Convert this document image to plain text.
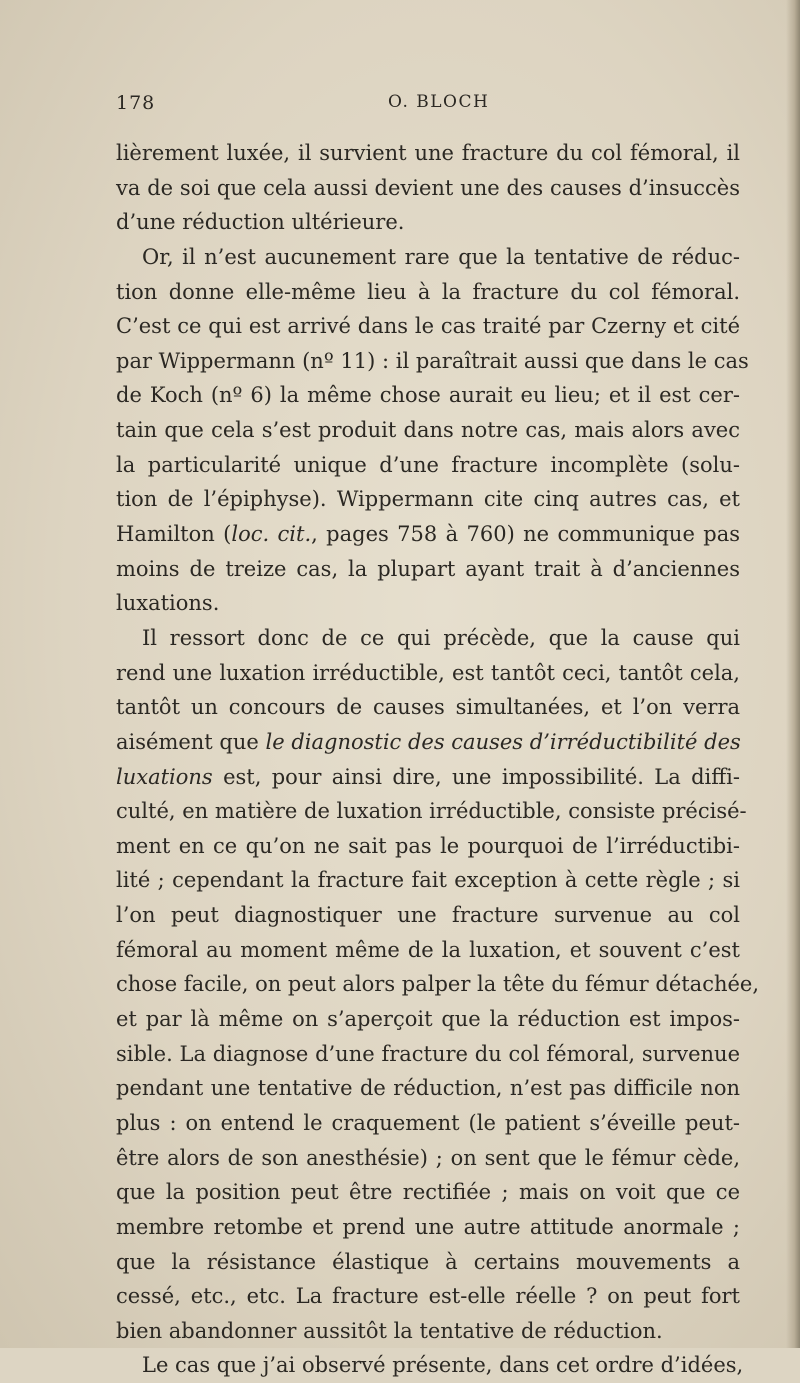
178	O. BLOCH
lièrement luxée, il survient une fracture du col fémoral, il
va de soi que cela aussi devient une des causes d’insuccès
d’une réduction ultérieure.
Or, il n’est aucunement rare que la tentative de réduc-
tion donne elle-même lieu à la fracture du col fémoral.
C’est ce qui est arrivé dans le cas traité par Czerny et cité
par Wippermann (nº 11) : il paraîtrait aussi que dans le cas
de Koch (nº 6) la même chose aurait eu lieu; et il est cer-
tain que cela s’est produit dans notre cas, mais alors avec
la particularité unique d’une fracture incomplète (solu-
tion de l’épiphyse). Wippermann cite cinq autres cas, et
Hamilton (loc. cit., pages 758 à 760) ne communique pas
moins de treize cas, la plupart ayant trait à d’anciennes
luxations.
Il ressort donc de ce qui précède, que la cause qui
rend une luxation irréductible, est tantôt ceci, tantôt cela,
tantôt un concours de causes simultanées, et l’on verra
aisément que le diagnostic des causes d’irréductibilité des
luxations est, pour ainsi dire, une impossibilité. La diffi-
culté, en matière de luxation irréductible, consiste précisé-
ment en ce qu’on ne sait pas le pourquoi de l’irréductibi-
lité ; cependant la fracture fait exception à cette règle ; si
l’on peut diagnostiquer une fracture survenue au col
fémoral au moment même de la luxation, et souvent c’est
chose facile, on peut alors palper la tête du fémur détachée,
et par là même on s’aperçoit que la réduction est impos-
sible. La diagnose d’une fracture du col fémoral, survenue
pendant une tentative de réduction, n’est pas difficile non
plus : on entend le craquement (le patient s’éveille peut-
être alors de son anesthésie) ; on sent que le fémur cède,
que la position peut être rectifiée ; mais on voit que ce
membre retombe et prend une autre attitude anormale ;
que la résistance élastique à certains mouvements a
cessé, etc., etc. La fracture est-elle réelle ? on peut fort
bien abandonner aussitôt la tentative de réduction.
Le cas que j’ai observé présente, dans cet ordre d’idées,
